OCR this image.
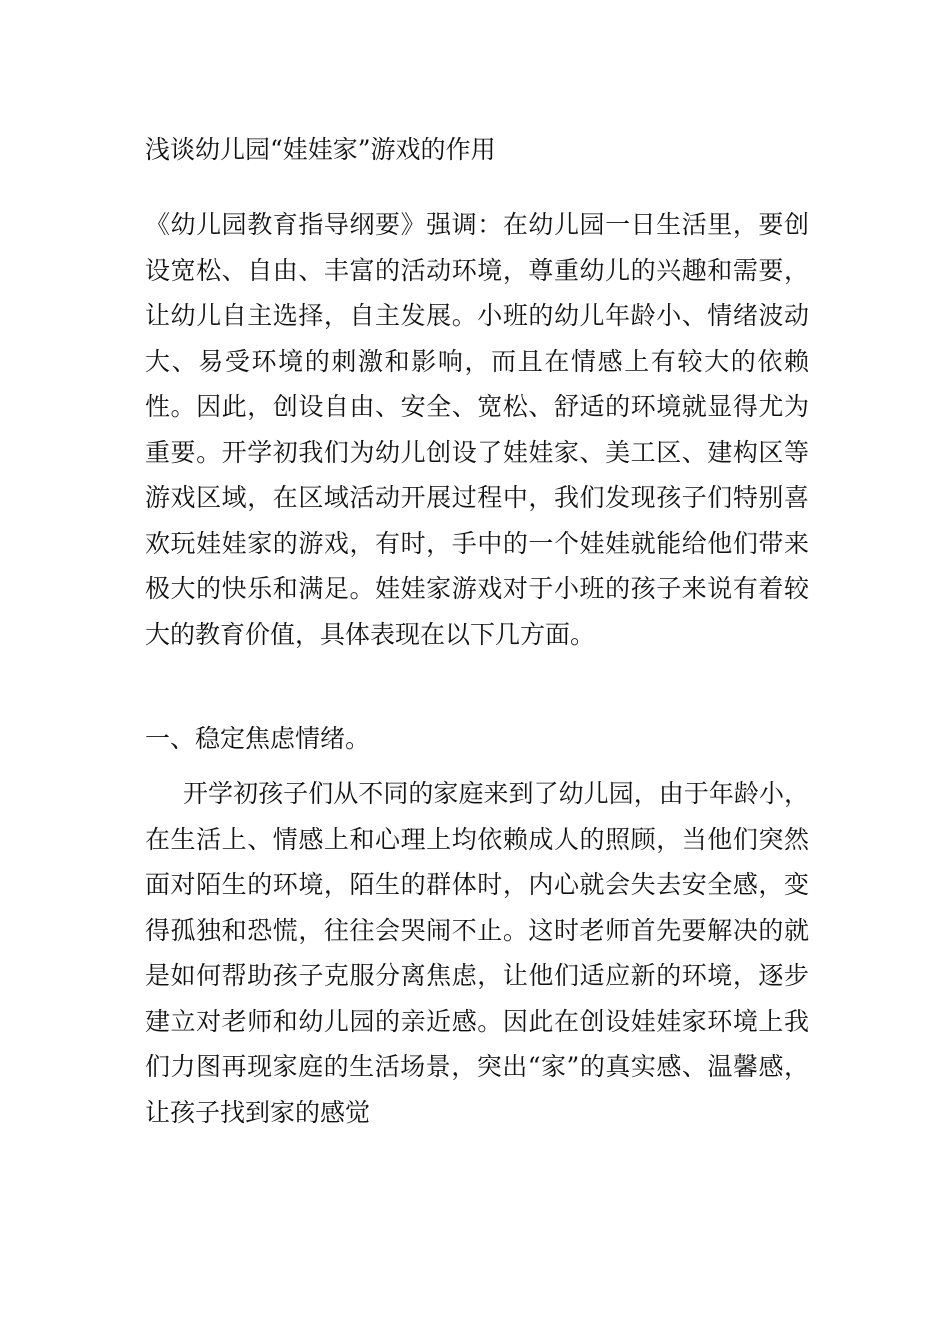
浅谈幼儿园“娃娃家”游戏的作用

《幼儿园教育指导纲要》强调：在幼儿园一日生活里，要创设宽松、自由、丰富的活动环境，尊重幼儿的兴趣和需要，让幼儿自主选择，自主发展。小班的幼儿年龄小、情绪波动大、易受环境的刺激和影响，而且在情感上有较大的依赖性。因此，创设自由、安全、宽松、舒适的环境就显得尤为重要。开学初我们为幼儿创设了娃娃家、美工区、建构区等游戏区域，在区域活动开展过程中，我们发现孩子们特别喜欢玩娃娃家的游戏，有时，手中的一个娃娃就能给他们带来极大的快乐和满足。娃娃家游戏对于小班的孩子来说有着较大的教育价值，具体表现在以下几方面。

一、稳定焦虑情绪。

开学初孩子们从不同的家庭来到了幼儿园，由于年龄小，在生活上、情感上和心理上均依赖成人的照顾，当他们突然面对陌生的环境，陌生的群体时，内心就会失去安全感，变得孤独和恐慌，往往会哭闹不止。这时老师首先要解决的就是如何帮助孩子克服分离焦虑，让他们适应新的环境，逐步建立对老师和幼儿园的亲近感。因此在创设娃娃家环境上我们力图再现家庭的生活场景，突出“家”的真实感、温馨感，让孩子找到家的感觉
